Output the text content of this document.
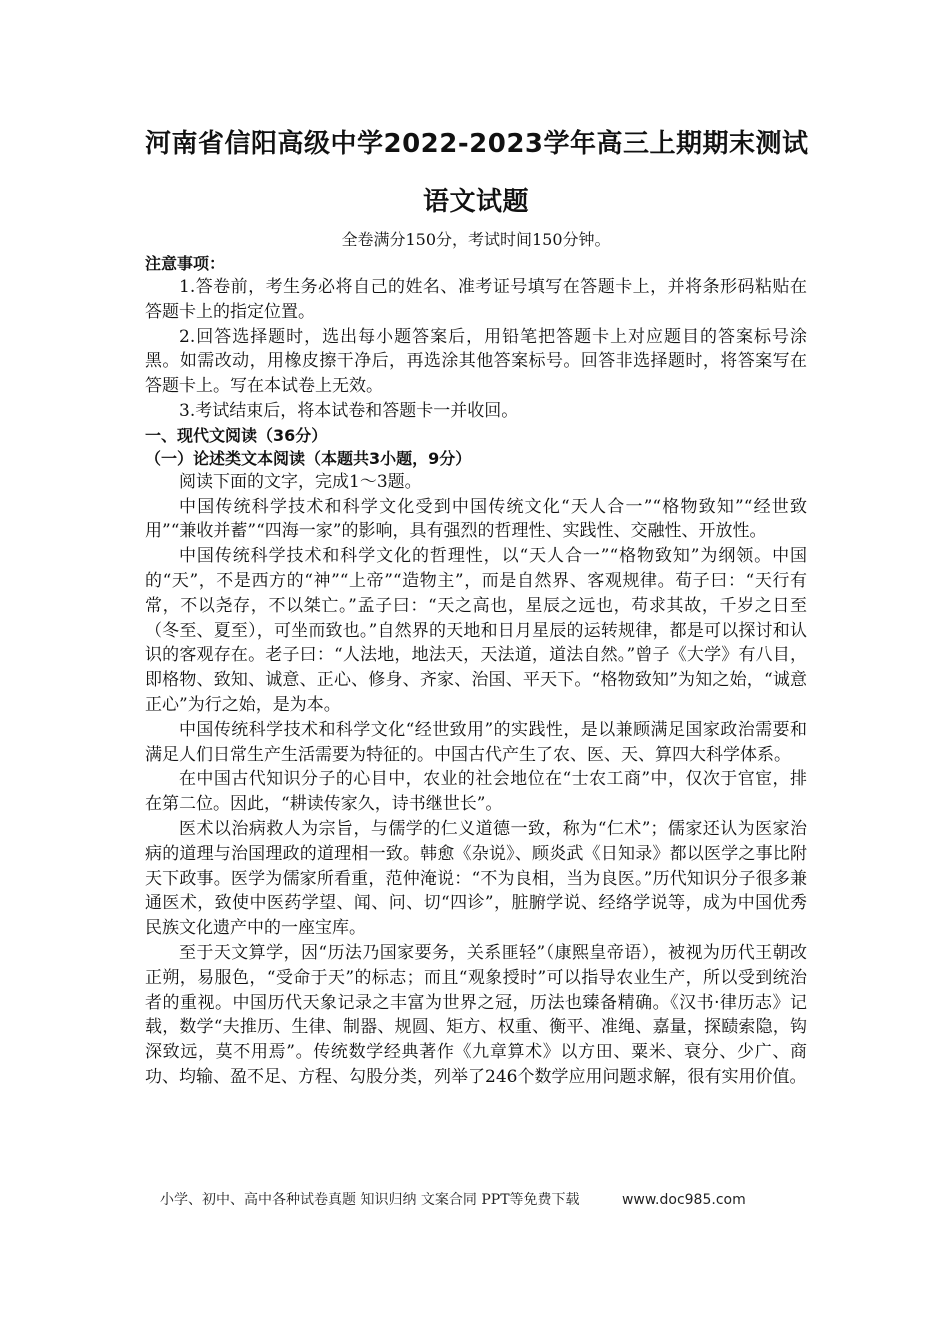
河南省信阳高级中学2022-2023学年高三上期期末测试
语文试题
全卷满分150分，考试时间150分钟。
注意事项：

1.答卷前，考生务必将自己的姓名、准考证号填写在答题卡上，并将条形码粘贴在答题卡上的指定位置。

2.回答选择题时，选出每小题答案后，用铅笔把答题卡上对应题目的答案标号涂黑。如需改动，用橡皮擦干净后，再选涂其他答案标号。回答非选择题时，将答案写在答题卡上。写在本试卷上无效。

3.考试结束后，将本试卷和答题卡一并收回。

一、现代文阅读（36分）
（一）论述类文本阅读（本题共3小题，9分）

阅读下面的文字，完成1～3题。

中国传统科学技术和科学文化受到中国传统文化“天人合一”“格物致知”“经世致用”“兼收并蓄”“四海一家”的影响，具有强烈的哲理性、实践性、交融性、开放性。

中国传统科学技术和科学文化的哲理性，以“天人合一”“格物致知”为纲领。中国的“天”，不是西方的“神”“上帝”“造物主”，而是自然界、客观规律。荀子曰：“天行有常，不以尧存，不以桀亡。”孟子曰：“天之高也，星辰之远也，苟求其故，千岁之日至（冬至、夏至），可坐而致也。”自然界的天地和日月星辰的运转规律，都是可以探讨和认识的客观存在。老子曰：“人法地，地法天，天法道，道法自然。”曾子《大学》有八目，即格物、致知、诚意、正心、修身、齐家、治国、平天下。“格物致知”为知之始，“诚意正心”为行之始，是为本。

中国传统科学技术和科学文化“经世致用”的实践性，是以兼顾满足国家政治需要和满足人们日常生产生活需要为特征的。中国古代产生了农、医、天、算四大科学体系。

在中国古代知识分子的心目中，农业的社会地位在“士农工商”中，仅次于官宦，排在第二位。因此，“耕读传家久，诗书继世长”。

医术以治病救人为宗旨，与儒学的仁义道德一致，称为“仁术”；儒家还认为医家治病的道理与治国理政的道理相一致。韩愈《杂说》、顾炎武《日知录》都以医学之事比附天下政事。医学为儒家所看重，范仲淹说：“不为良相，当为良医。”历代知识分子很多兼通医术，致使中医药学望、闻、问、切“四诊”，脏腑学说、经络学说等，成为中国优秀民族文化遗产中的一座宝库。

至于天文算学，因“历法乃国家要务，关系匪轻”（康熙皇帝语），被视为历代王朝改正朔，易服色，“受命于天”的标志；而且“观象授时”可以指导农业生产，所以受到统治者的重视。中国历代天象记录之丰富为世界之冠，历法也臻备精确。《汉书·律历志》记载，数学“夫推历、生律、制器、规圆、矩方、权重、衡平、准绳、嘉量，探赜索隐，钩深致远，莫不用焉”。传统数学经典著作《九章算术》以方田、粟米、衰分、少广、商功、均输、盈不足、方程、勾股分类，列举了246个数学应用问题求解，很有实用价值。

小学、初中、高中各种试卷真题 知识归纳 文案合同 PPT等免费下载	www.doc985.com
